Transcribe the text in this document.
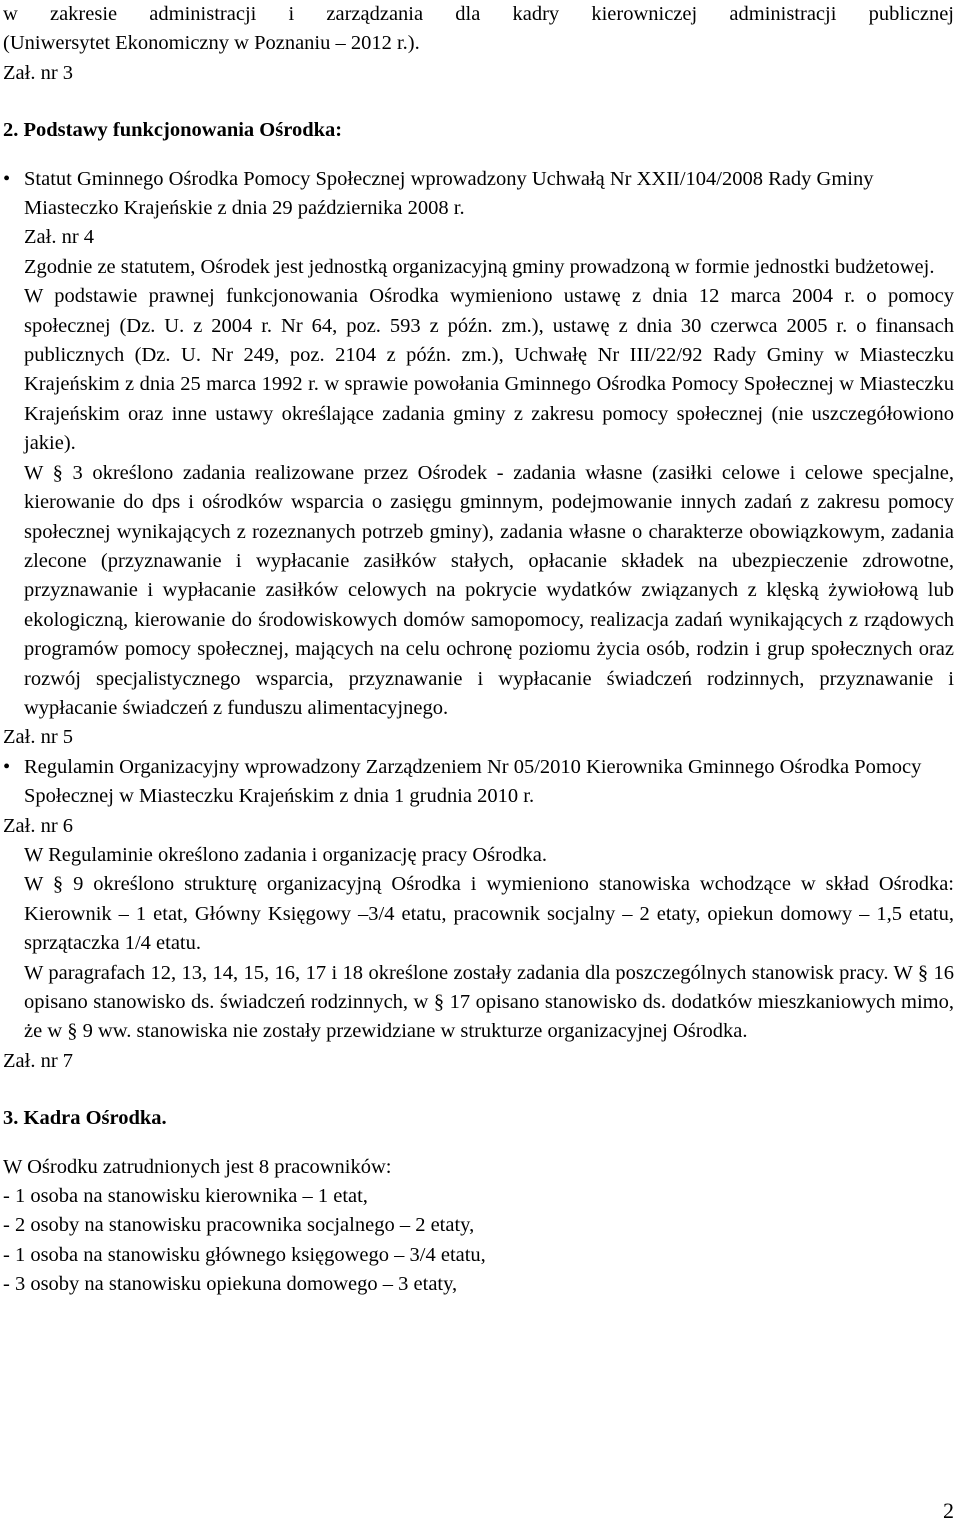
w zakresie administracji i zarządzania dla kadry kierowniczej administracji publicznej

(Uniwersytet Ekonomiczny w Poznaniu – 2012 r.).

Zał. nr 3

2. Podstawy funkcjonowania Ośrodka:

• Statut Gminnego Ośrodka Pomocy Społecznej wprowadzony Uchwałą Nr XXII/104/2008 Rady Gminy Miasteczko Krajeńskie z dnia 29 października 2008 r.

Zał. nr 4

Zgodnie ze statutem, Ośrodek jest jednostką organizacyjną gminy prowadzoną w formie jednostki budżetowej.

W podstawie prawnej funkcjonowania Ośrodka wymieniono ustawę z dnia 12 marca 2004 r. o pomocy społecznej (Dz. U. z 2004 r. Nr 64, poz. 593 z późn. zm.), ustawę z dnia 30 czerwca 2005 r. o finansach publicznych (Dz. U. Nr 249, poz. 2104 z późn. zm.), Uchwałę Nr III/22/92 Rady Gminy w Miasteczku Krajeńskim z dnia 25 marca 1992 r. w sprawie powołania Gminnego Ośrodka Pomocy Społecznej w Miasteczku Krajeńskim oraz inne ustawy określające zadania gminy z zakresu pomocy społecznej (nie uszczegółowiono jakie).

W § 3 określono zadania realizowane przez Ośrodek - zadania własne (zasiłki celowe i celowe specjalne, kierowanie do dps i ośrodków wsparcia o zasięgu gminnym, podejmowanie innych zadań z zakresu pomocy społecznej wynikających z rozeznanych potrzeb gminy), zadania własne o charakterze obowiązkowym, zadania zlecone (przyznawanie i wypłacanie zasiłków stałych, opłacanie składek na ubezpieczenie zdrowotne, przyznawanie i wypłacanie zasiłków celowych na pokrycie wydatków związanych z klęską żywiołową lub ekologiczną, kierowanie do środowiskowych domów samopomocy, realizacja zadań wynikających z rządowych programów pomocy społecznej, mających na celu ochronę poziomu życia osób, rodzin i grup społecznych oraz rozwój specjalistycznego wsparcia, przyznawanie i wypłacanie świadczeń rodzinnych, przyznawanie i wypłacanie świadczeń z funduszu alimentacyjnego.

Zał. nr 5

• Regulamin Organizacyjny wprowadzony Zarządzeniem Nr 05/2010 Kierownika Gminnego Ośrodka Pomocy Społecznej w Miasteczku Krajeńskim z dnia 1 grudnia 2010 r.

Zał. nr 6

W Regulaminie określono zadania i organizację pracy Ośrodka.

W § 9 określono strukturę organizacyjną Ośrodka i wymieniono stanowiska wchodzące w skład Ośrodka: Kierownik – 1 etat, Główny Księgowy –3/4 etatu, pracownik socjalny – 2 etaty, opiekun domowy – 1,5 etatu, sprzątaczka 1/4 etatu.

W paragrafach 12, 13, 14, 15, 16, 17 i 18 określone zostały zadania dla poszczególnych stanowisk pracy. W § 16 opisano stanowisko ds. świadczeń rodzinnych, w § 17 opisano stanowisko ds. dodatków mieszkaniowych mimo, że w § 9 ww. stanowiska nie zostały przewidziane w strukturze organizacyjnej Ośrodka.

Zał. nr 7

3. Kadra Ośrodka.

W Ośrodku zatrudnionych jest 8 pracowników:

- 1 osoba na stanowisku kierownika – 1 etat,

- 2 osoby na stanowisku pracownika socjalnego – 2 etaty,

- 1 osoba na stanowisku głównego księgowego – 3/4 etatu,

- 3 osoby na stanowisku opiekuna domowego – 3 etaty,

2
